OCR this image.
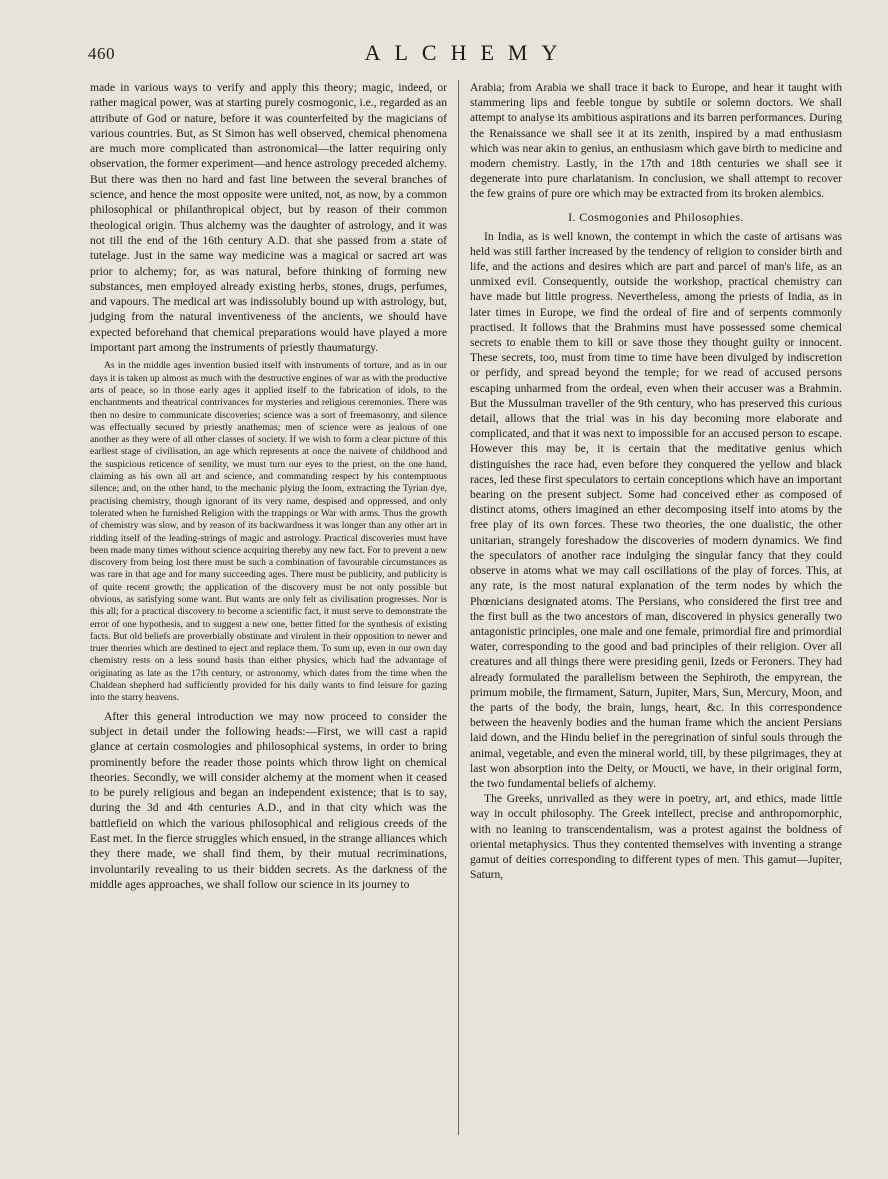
460	ALCHEMY

made in various ways to verify and apply this theory; magic, indeed, or rather magical power, was at starting purely cosmogonic, i.e., regarded as an attribute of God or nature, before it was counterfeited by the magicians of various countries. But, as St Simon has well observed, chemical phenomena are much more complicated than astronomical—the latter requiring only observation, the former experiment—and hence astrology preceded alchemy. But there was then no hard and fast line between the several branches of science, and hence the most opposite were united, not, as now, by a common philosophical or philanthropical object, but by reason of their common theological origin. Thus alchemy was the daughter of astrology, and it was not till the end of the 16th century A.D. that she passed from a state of tutelage. Just in the same way medicine was a magical or sacred art was prior to alchemy; for, as was natural, before thinking of forming new substances, men employed already existing herbs, stones, drugs, perfumes, and vapours. The medical art was indissolubly bound up with astrology, but, judging from the natural inventiveness of the ancients, we should have expected beforehand that chemical preparations would have played a more important part among the instruments of priestly thaumaturgy.

As in the middle ages invention busied itself with instruments of torture, and as in our days it is taken up almost as much with the destructive engines of war as with the productive arts of peace, so in those early ages it applied itself to the fabrication of idols, to the enchantments and theatrical contrivances for mysteries and religious ceremonies. There was then no desire to communicate discoveries; science was a sort of freemasonry, and silence was effectually secured by priestly anathemas; men of science were as jealous of one another as they were of all other classes of society. If we wish to form a clear picture of this earliest stage of civilisation, an age which represents at once the naivete of childhood and the suspicious reticence of senility, we must turn our eyes to the priest, on the one hand, claiming as his own all art and science, and commanding respect by his contemptuous silence; and, on the other hand, to the mechanic plying the loom, extracting the Tyrian dye, practising chemistry, though ignorant of its very name, despised and oppressed, and only tolerated when he furnished Religion with the trappings or War with arms. Thus the growth of chemistry was slow, and by reason of its backwardness it was longer than any other art in ridding itself of the leading-strings of magic and astrology. Practical discoveries must have been made many times without science acquiring thereby any new fact. For to prevent a new discovery from being lost there must be such a combination of favourable circumstances as was rare in that age and for many succeeding ages. There must be publicity, and publicity is of quite recent growth; the application of the discovery must be not only possible but obvious, as satisfying some want. But wants are only felt as civilisation progresses. Nor is this all; for a practical discovery to become a scientific fact, it must serve to demonstrate the error of one hypothesis, and to suggest a new one, better fitted for the synthesis of existing facts. But old beliefs are proverbially obstinate and virulent in their opposition to newer and truer theories which are destined to eject and replace them. To sum up, even in our own day chemistry rests on a less sound basis than either physics, which had the advantage of originating as late as the 17th century, or astronomy, which dates from the time when the Chaldean shepherd had sufficiently provided for his daily wants to find leisure for gazing into the starry heavens.

After this general introduction we may now proceed to consider the subject in detail under the following heads:—First, we will cast a rapid glance at certain cosmologies and philosophical systems, in order to bring prominently before the reader those points which throw light on chemical theories. Secondly, we will consider alchemy at the moment when it ceased to be purely religious and began an independent existence; that is to say, during the 3d and 4th centuries A.D., and in that city which was the battlefield on which the various philosophical and religious creeds of the East met. In the fierce struggles which ensued, in the strange alliances which they there made, we shall find them, by their mutual recriminations, involuntarily revealing to us their bidden secrets. As the darkness of the middle ages approaches, we shall follow our science in its journey to

Arabia; from Arabia we shall trace it back to Europe, and hear it taught with stammering lips and feeble tongue by subtile or solemn doctors. We shall attempt to analyse its ambitious aspirations and its barren performances. During the Renaissance we shall see it at its zenith, inspired by a mad enthusiasm which was near akin to genius, an enthusiasm which gave birth to medicine and modern chemistry. Lastly, in the 17th and 18th centuries we shall see it degenerate into pure charlatanism. In conclusion, we shall attempt to recover the few grains of pure ore which may be extracted from its broken alembics.

I. Cosmogonies and Philosophies.

In India, as is well known, the contempt in which the caste of artisans was held was still farther increased by the tendency of religion to consider birth and life, and the actions and desires which are part and parcel of man's life, as an unmixed evil. Consequently, outside the workshop, practical chemistry can have made but little progress. Nevertheless, among the priests of India, as in later times in Europe, we find the ordeal of fire and of serpents commonly practised. It follows that the Brahmins must have possessed some chemical secrets to enable them to kill or save those they thought guilty or innocent. These secrets, too, must from time to time have been divulged by indiscretion or perfidy, and spread beyond the temple; for we read of accused persons escaping unharmed from the ordeal, even when their accuser was a Brahmin. But the Mussulman traveller of the 9th century, who has preserved this curious detail, allows that the trial was in his day becoming more elaborate and complicated, and that it was next to impossible for an accused person to escape. However this may be, it is certain that the meditative genius which distinguishes the race had, even before they conquered the yellow and black races, led these first speculators to certain conceptions which have an important bearing on the present subject. Some had conceived ether as composed of distinct atoms, others imagined an ether decomposing itself into atoms by the free play of its own forces. These two theories, the one dualistic, the other unitarian, strangely foreshadow the discoveries of modern dynamics. We find the speculators of another race indulging the singular fancy that they could observe in atoms what we may call oscillations of the play of forces. This, at any rate, is the most natural explanation of the term nodes by which the Phœnicians designated atoms. The Persians, who considered the first tree and the first bull as the two ancestors of man, discovered in physics generally two antagonistic principles, one male and one female, primordial fire and primordial water, corresponding to the good and bad principles of their religion. Over all creatures and all things there were presiding genii, Izeds or Feroners. They had already formulated the parallelism between the Sephiroth, the empyrean, the primum mobile, the firmament, Saturn, Jupiter, Mars, Sun, Mercury, Moon, and the parts of the body, the brain, lungs, heart, &c. In this correspondence between the heavenly bodies and the human frame which the ancient Persians laid down, and the Hindu belief in the peregrination of sinful souls through the animal, vegetable, and even the mineral world, till, by these pilgrimages, they at last won absorption into the Deity, or Moucti, we have, in their original form, the two fundamental beliefs of alchemy.

The Greeks, unrivalled as they were in poetry, art, and ethics, made little way in occult philosophy. The Greek intellect, precise and anthropomorphic, with no leaning to transcendentalism, was a protest against the boldness of oriental metaphysics. Thus they contented themselves with inventing a strange gamut of deities corresponding to different types of men. This gamut—Jupiter, Saturn,
